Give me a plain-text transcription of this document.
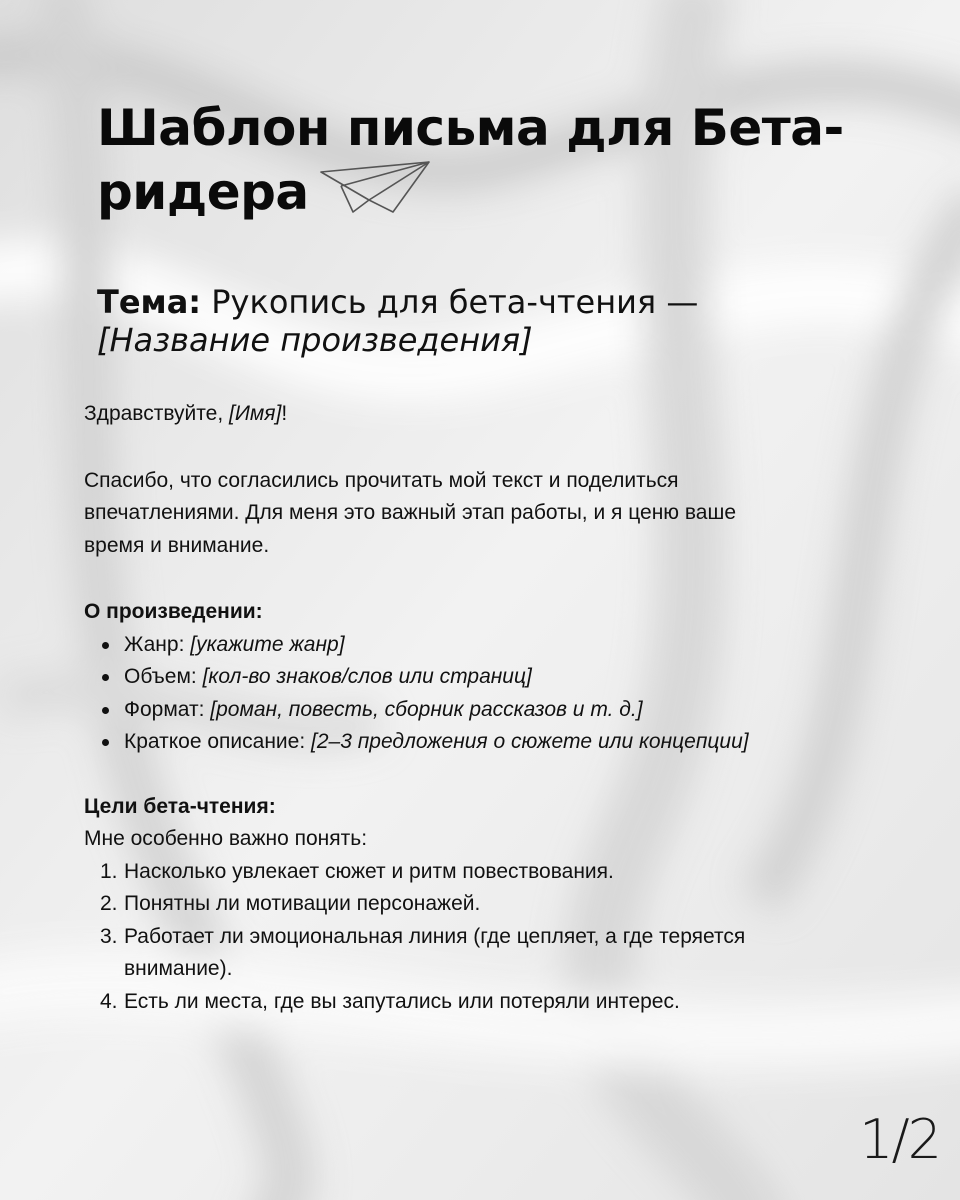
Шаблон письма для Бета-
ридера
Тема: Рукопись для бета-чтения —
[Название произведения]

Здравствуйте, [Имя]!

Спасибо, что согласились прочитать мой текст и поделиться
впечатлениями. Для меня это важный этап работы, и я ценю ваше
время и внимание.

О произведении:

Жанр: [укажите жанр]
Объем: [кол-во знаков/слов или страниц]
Формат: [роман, повесть, сборник рассказов и т. д.]
Краткое описание: [2–3 предложения о сюжете или концепции]

Цели бета-чтения:

Мне особенно важно понять:

1. Насколько увлекает сюжет и ритм повествования.
2. Понятны ли мотивации персонажей.
3. Работает ли эмоциональная линия (где цепляет, а где теряется
внимание).
4. Есть ли места, где вы запутались или потеряли интерес.
1/2
